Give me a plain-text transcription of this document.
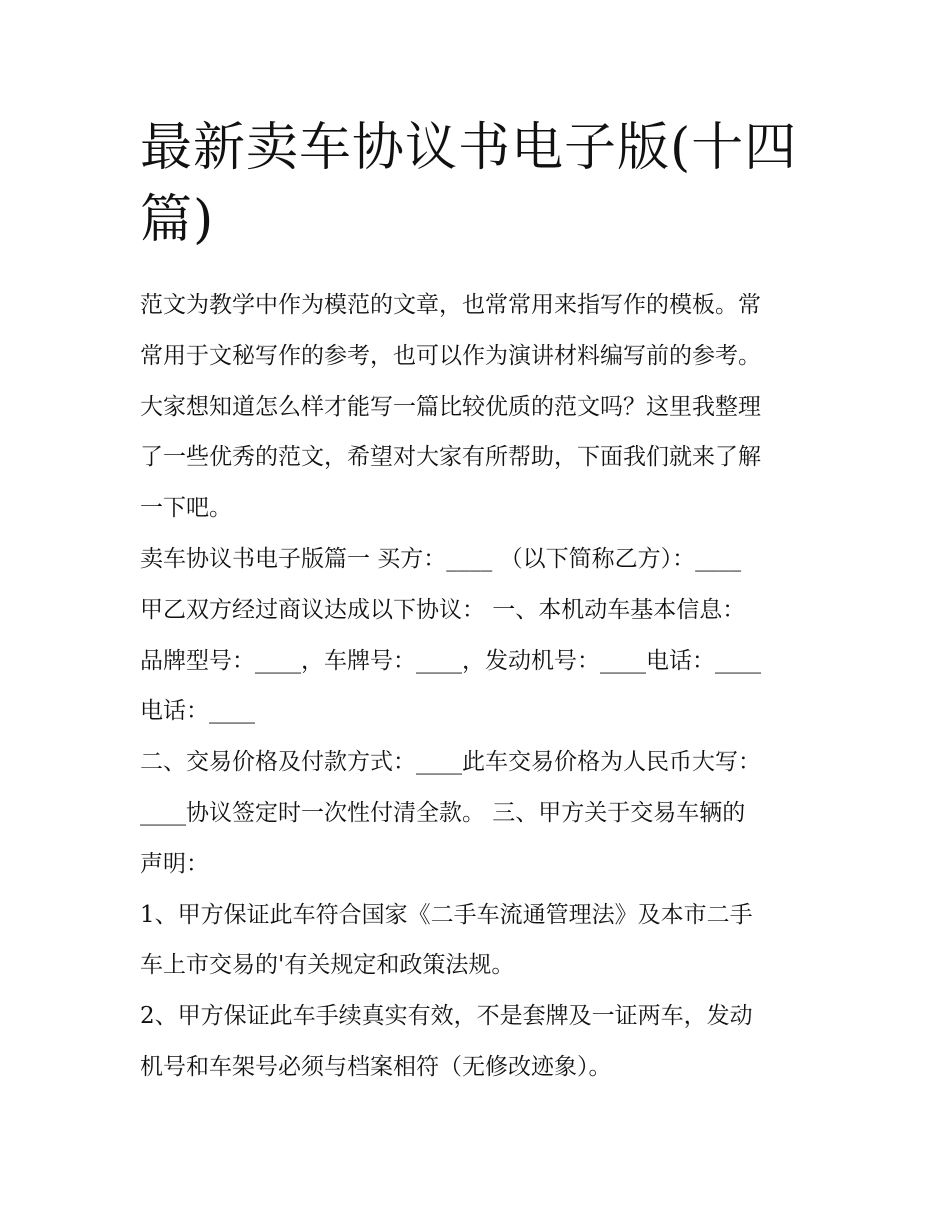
最新卖车协议书电子版(十四
篇)
范文为教学中作为模范的文章，也常常用来指写作的模板。常
常用于文秘写作的参考，也可以作为演讲材料编写前的参考。
大家想知道怎么样才能写一篇比较优质的范文吗？这里我整理
了一些优秀的范文，希望对大家有所帮助，下面我们就来了解
一下吧。
卖车协议书电子版篇一 买方：____ （以下简称乙方）：____
甲乙双方经过商议达成以下协议： 一、本机动车基本信息：
品牌型号：____，车牌号：____，发动机号：____电话：____
电话：____
二、交易价格及付款方式：____此车交易价格为人民币大写：
____协议签定时一次性付清全款。 三、甲方关于交易车辆的
声明：
1、甲方保证此车符合国家《二手车流通管理法》及本市二手
车上市交易的'有关规定和政策法规。
2、甲方保证此车手续真实有效，不是套牌及一证两车，发动
机号和车架号必须与档案相符（无修改迹象）。
